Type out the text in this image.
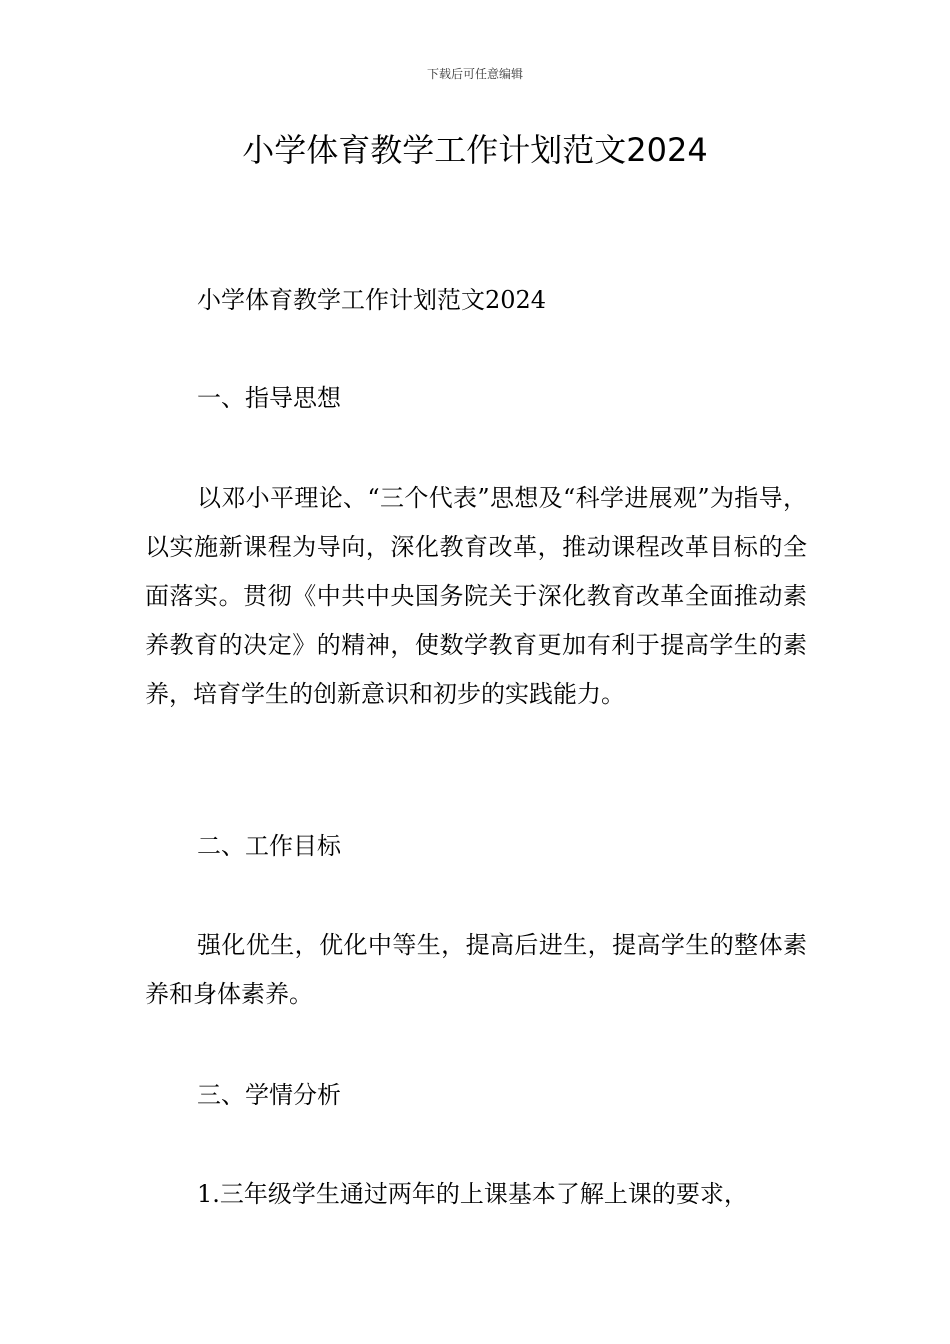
下载后可任意编辑
小学体育教学工作计划范文2024

小学体育教学工作计划范文2024

一、指导思想

以邓小平理论、“三个代表”思想及“科学进展观”为指导，以实施新课程为导向，深化教育改革，推动课程改革目标的全面落实。贯彻《中共中央国务院关于深化教育改革全面推动素养教育的决定》的精神，使数学教育更加有利于提高学生的素养，培育学生的创新意识和初步的实践能力。

二、工作目标

强化优生，优化中等生，提高后进生，提高学生的整体素养和身体素养。

三、学情分析

1.三年级学生通过两年的上课基本了解上课的要求，
